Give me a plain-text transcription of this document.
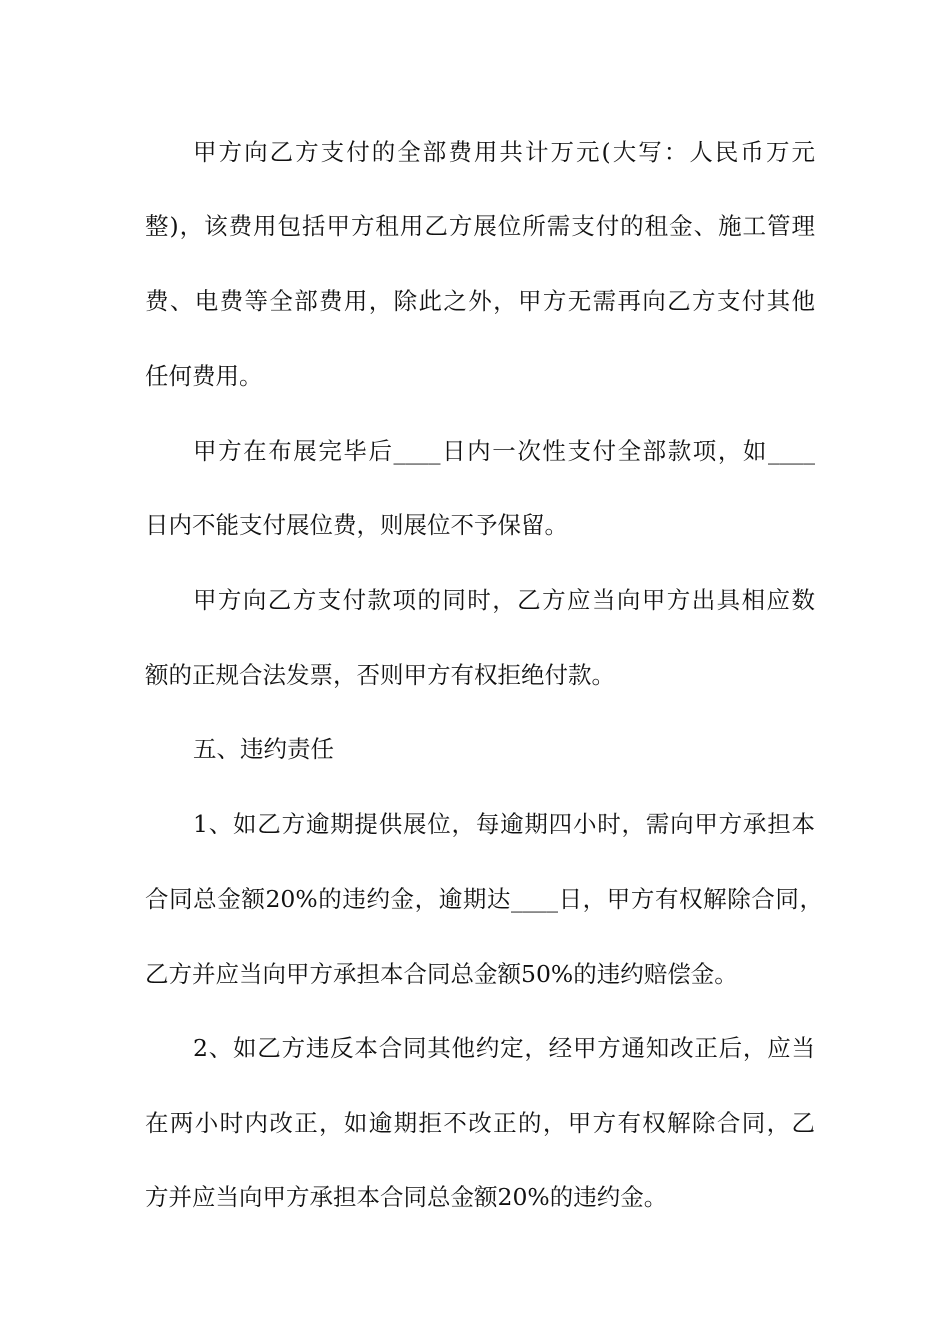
甲方向乙方支付的全部费用共计万元(大写：人民币万元
整)，该费用包括甲方租用乙方展位所需支付的租金、施工管理
费、电费等全部费用，除此之外，甲方无需再向乙方支付其他
任何费用。
甲方在布展完毕后____日内一次性支付全部款项，如____
日内不能支付展位费，则展位不予保留。
甲方向乙方支付款项的同时，乙方应当向甲方出具相应数
额的正规合法发票，否则甲方有权拒绝付款。
五、违约责任
1、如乙方逾期提供展位，每逾期四小时，需向甲方承担本
合同总金额20%的违约金，逾期达____日，甲方有权解除合同，
乙方并应当向甲方承担本合同总金额50%的违约赔偿金。
2、如乙方违反本合同其他约定，经甲方通知改正后，应当
在两小时内改正，如逾期拒不改正的，甲方有权解除合同，乙
方并应当向甲方承担本合同总金额20%的违约金。
